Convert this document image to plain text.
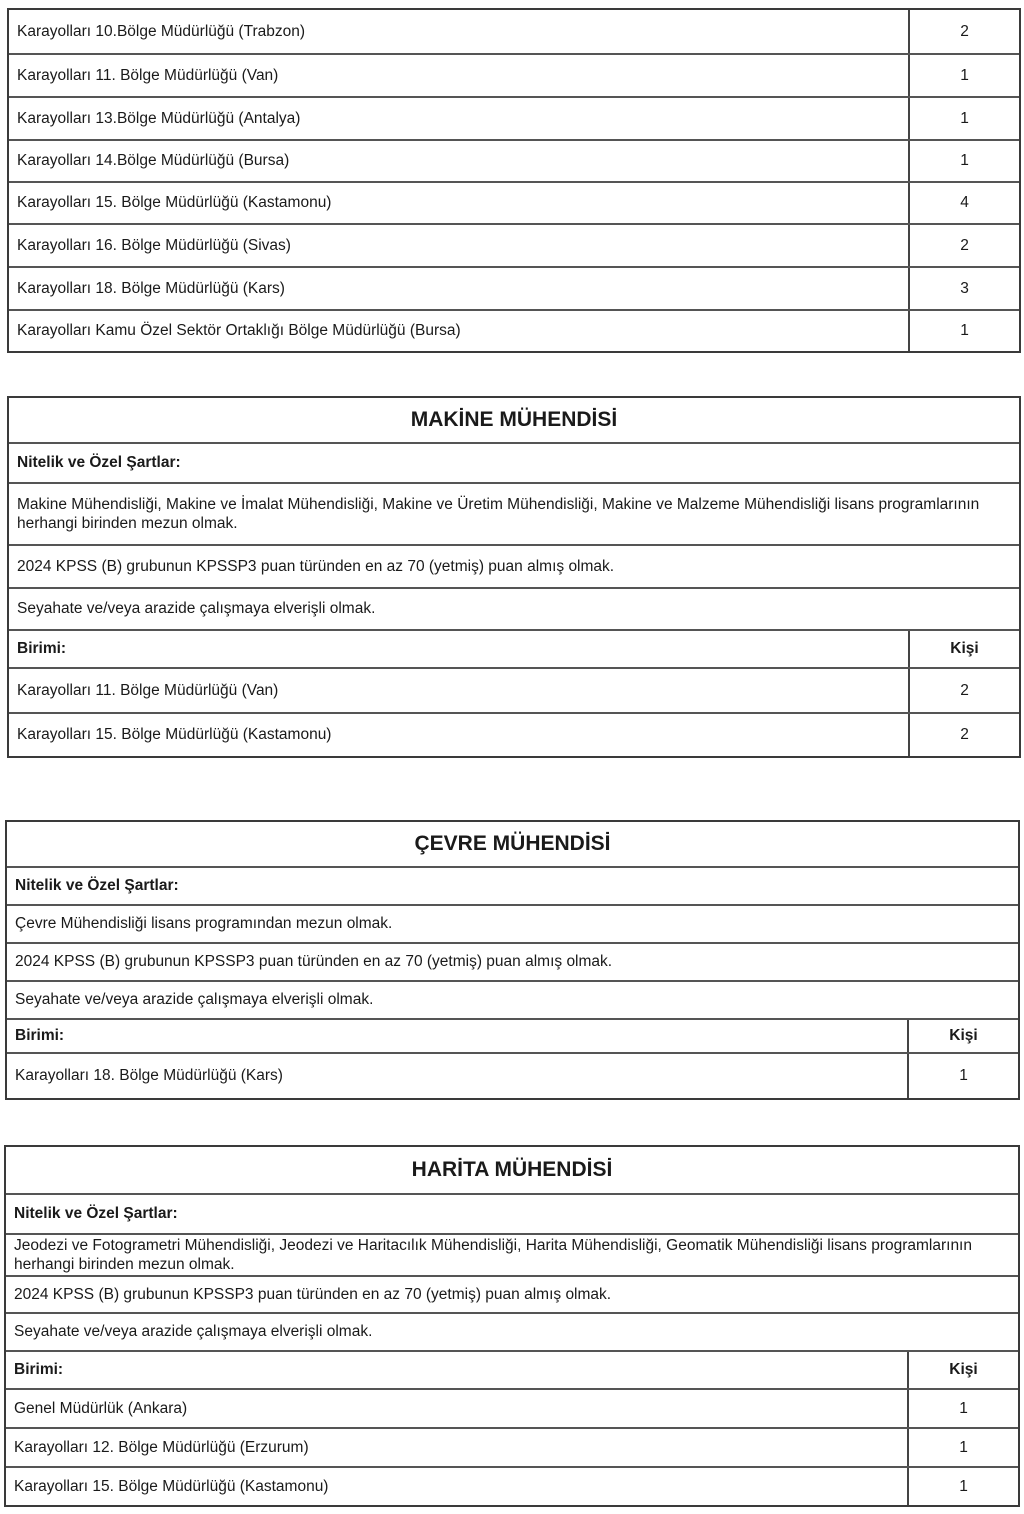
Karayolları 10.Bölge Müdürlüğü (Trabzon)	2
Karayolları 11. Bölge Müdürlüğü (Van)	1
Karayolları 13.Bölge Müdürlüğü (Antalya)	1
Karayolları 14.Bölge Müdürlüğü (Bursa)	1
Karayolları 15. Bölge Müdürlüğü (Kastamonu)	4
Karayolları 16. Bölge Müdürlüğü (Sivas)	2
Karayolları 18. Bölge Müdürlüğü (Kars)	3
Karayolları Kamu Özel Sektör Ortaklığı Bölge Müdürlüğü (Bursa)	1
MAKİNE MÜHENDİSİ
Nitelik ve Özel Şartlar:
Makine Mühendisliği, Makine ve İmalat Mühendisliği, Makine ve Üretim Mühendisliği, Makine ve Malzeme Mühendisliği lisans programlarının herhangi birinden mezun olmak.
2024 KPSS (B) grubunun KPSSP3 puan türünden en az 70 (yetmiş) puan almış olmak.
Seyahate ve/veya arazide çalışmaya elverişli olmak.
Birimi:	Kişi
Karayolları 11. Bölge Müdürlüğü (Van)	2
Karayolları 15. Bölge Müdürlüğü (Kastamonu)	2
ÇEVRE MÜHENDİSİ
Nitelik ve Özel Şartlar:
Çevre Mühendisliği lisans programından mezun olmak.
2024 KPSS (B) grubunun KPSSP3 puan türünden en az 70 (yetmiş) puan almış olmak.
Seyahate ve/veya arazide çalışmaya elverişli olmak.
Birimi:	Kişi
Karayolları 18. Bölge Müdürlüğü (Kars)	1
HARİTA MÜHENDİSİ
Nitelik ve Özel Şartlar:
Jeodezi ve Fotogrametri Mühendisliği, Jeodezi ve Haritacılık Mühendisliği, Harita Mühendisliği, Geomatik Mühendisliği lisans programlarının herhangi birinden mezun olmak.
2024 KPSS (B) grubunun KPSSP3 puan türünden en az 70 (yetmiş) puan almış olmak.
Seyahate ve/veya arazide çalışmaya elverişli olmak.
Birimi:	Kişi
Genel Müdürlük (Ankara)	1
Karayolları 12. Bölge Müdürlüğü (Erzurum)	1
Karayolları 15. Bölge Müdürlüğü (Kastamonu)	1
